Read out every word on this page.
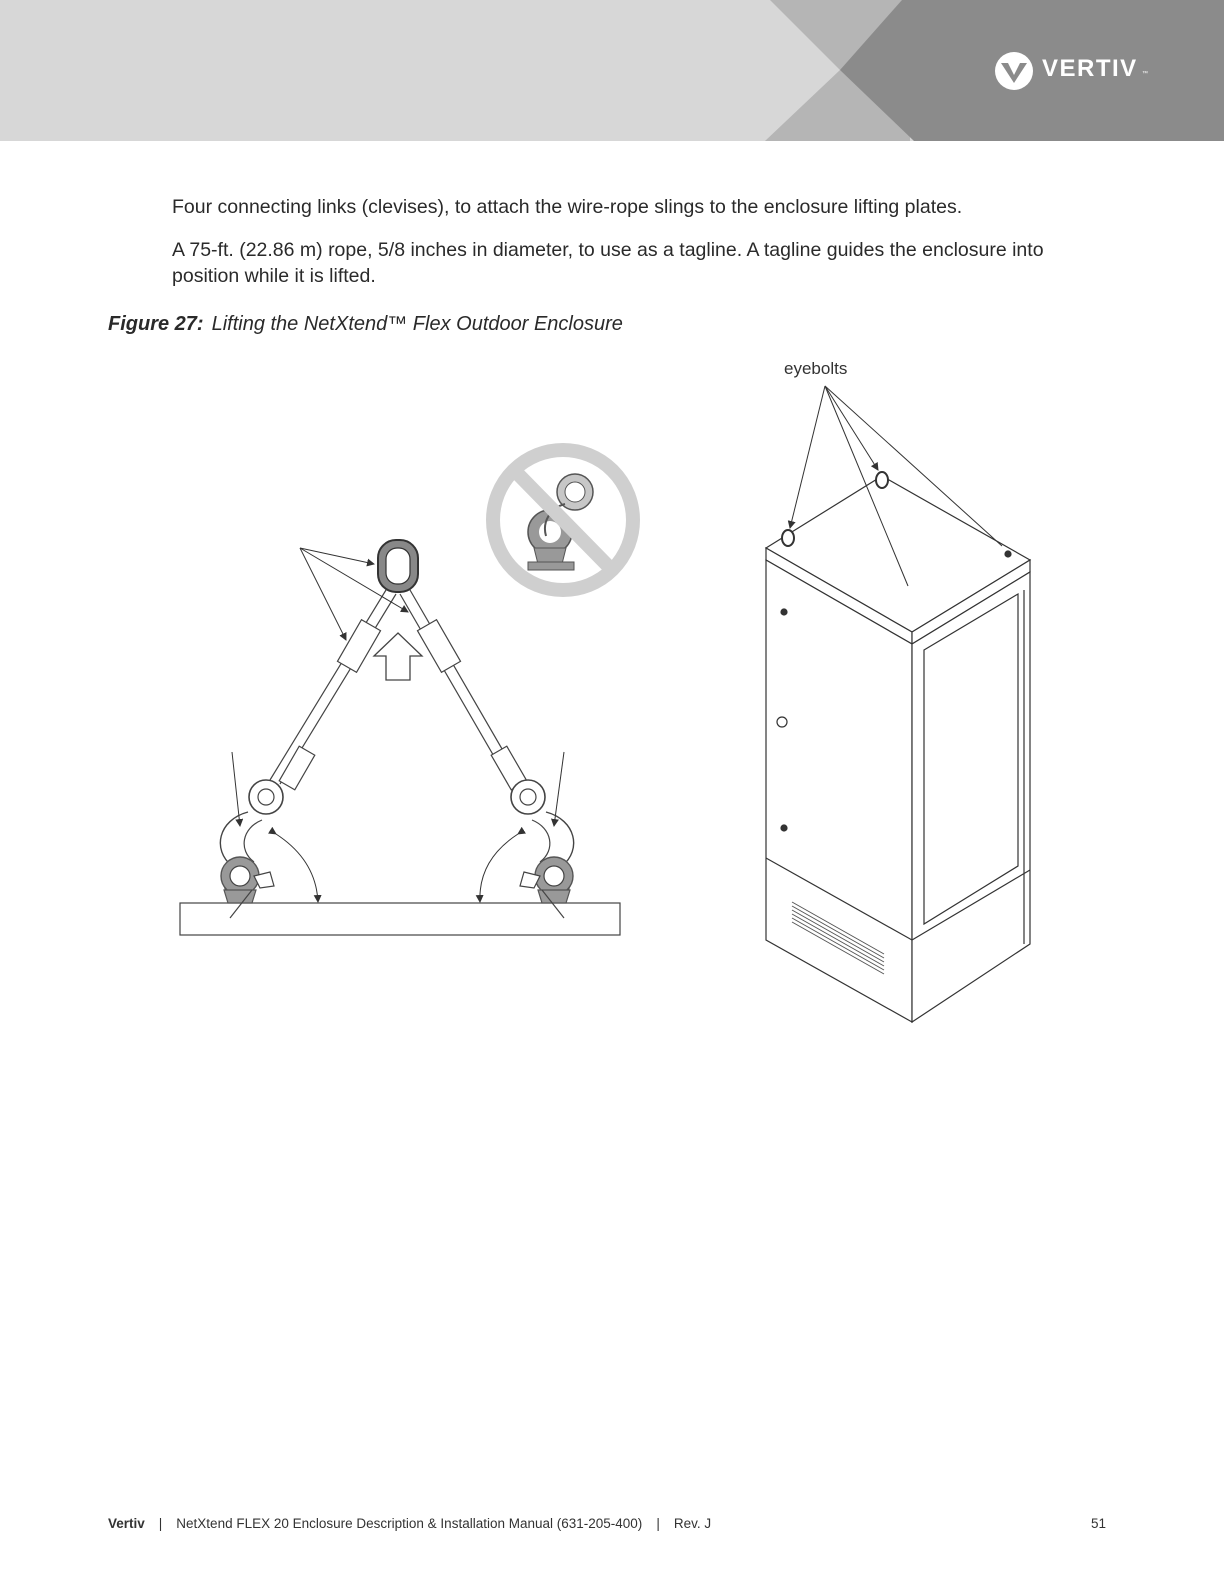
VERTIV ™

Four connecting links (clevises), to attach the wire-rope slings to the enclosure lifting plates.

A 75-ft. (22.86 m) rope, 5/8 inches in diameter, to use as a tagline. A tagline guides the enclosure into position while it is lifted.

Figure 27: Lifting the NetXtend™ Flex Outdoor Enclosure
eyebolts
Vertiv | NetXtend FLEX 20 Enclosure Description & Installation Manual (631-205-400) | Rev. J	51
